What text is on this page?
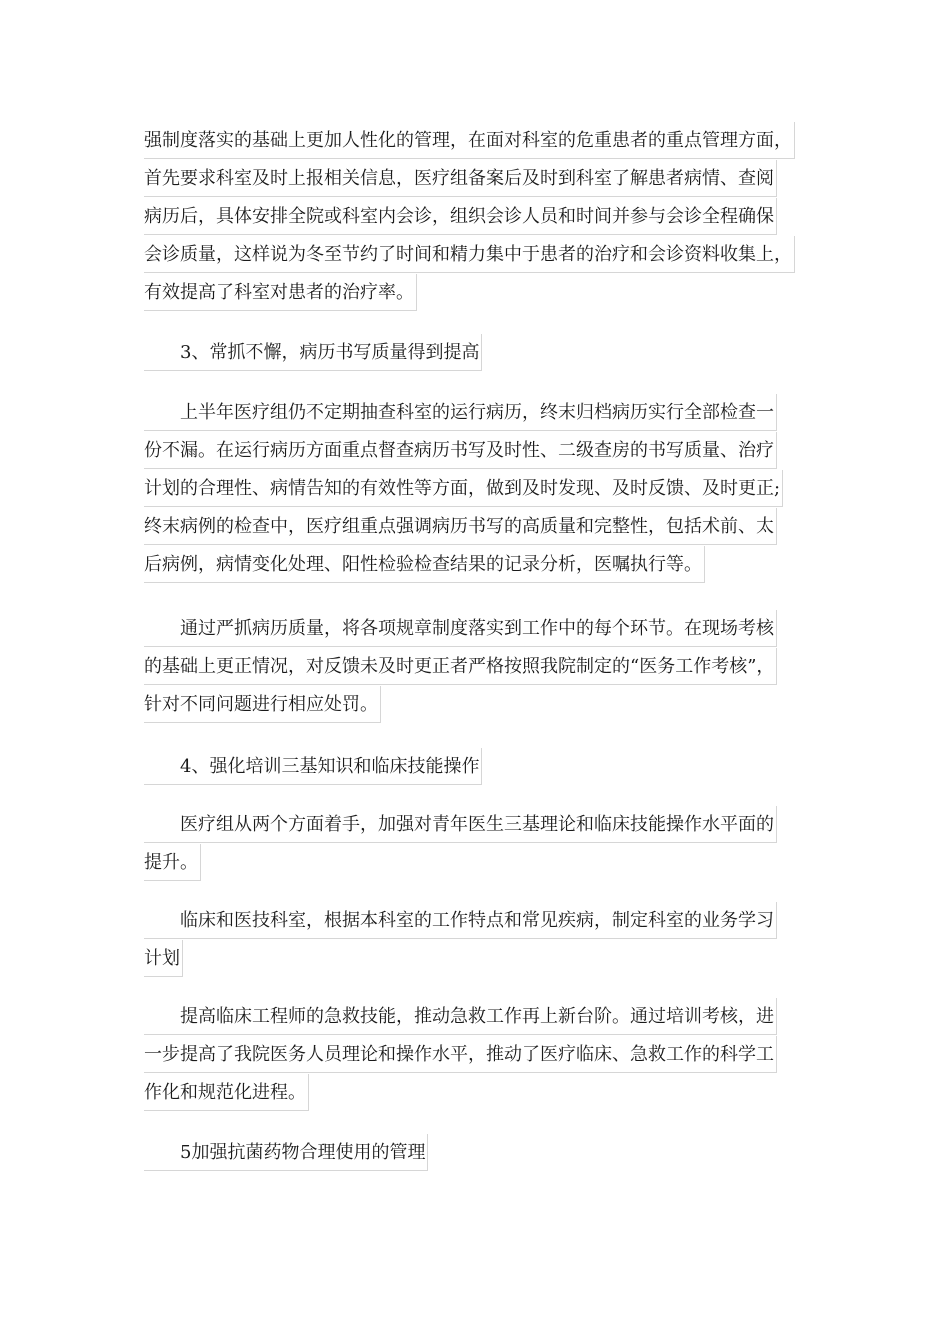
强制度落实的基础上更加人性化的管理，在面对科室的危重患者的重点管理方面，
首先要求科室及时上报相关信息，医疗组备案后及时到科室了解患者病情、查阅
病历后，具体安排全院或科室内会诊，组织会诊人员和时间并参与会诊全程确保
会诊质量，这样说为冬至节约了时间和精力集中于患者的治疗和会诊资料收集上，
有效提高了科室对患者的治疗率。
3、常抓不懈，病历书写质量得到提高
上半年医疗组仍不定期抽查科室的运行病历，终末归档病历实行全部检查一
份不漏。在运行病历方面重点督查病历书写及时性、二级查房的书写质量、治疗
计划的合理性、病情告知的有效性等方面，做到及时发现、及时反馈、及时更正;
终末病例的检查中，医疗组重点强调病历书写的高质量和完整性，包括术前、太
后病例，病情变化处理、阳性检验检查结果的记录分析，医嘱执行等。
通过严抓病历质量，将各项规章制度落实到工作中的每个环节。在现场考核
的基础上更正情况，对反馈未及时更正者严格按照我院制定的“医务工作考核”，
针对不同问题进行相应处罚。
4、强化培训三基知识和临床技能操作
医疗组从两个方面着手，加强对青年医生三基理论和临床技能操作水平面的
提升。
临床和医技科室，根据本科室的工作特点和常见疾病，制定科室的业务学习
计划
提高临床工程师的急救技能，推动急救工作再上新台阶。通过培训考核，进
一步提高了我院医务人员理论和操作水平，推动了医疗临床、急救工作的科学工
作化和规范化进程。
5加强抗菌药物合理使用的管理
